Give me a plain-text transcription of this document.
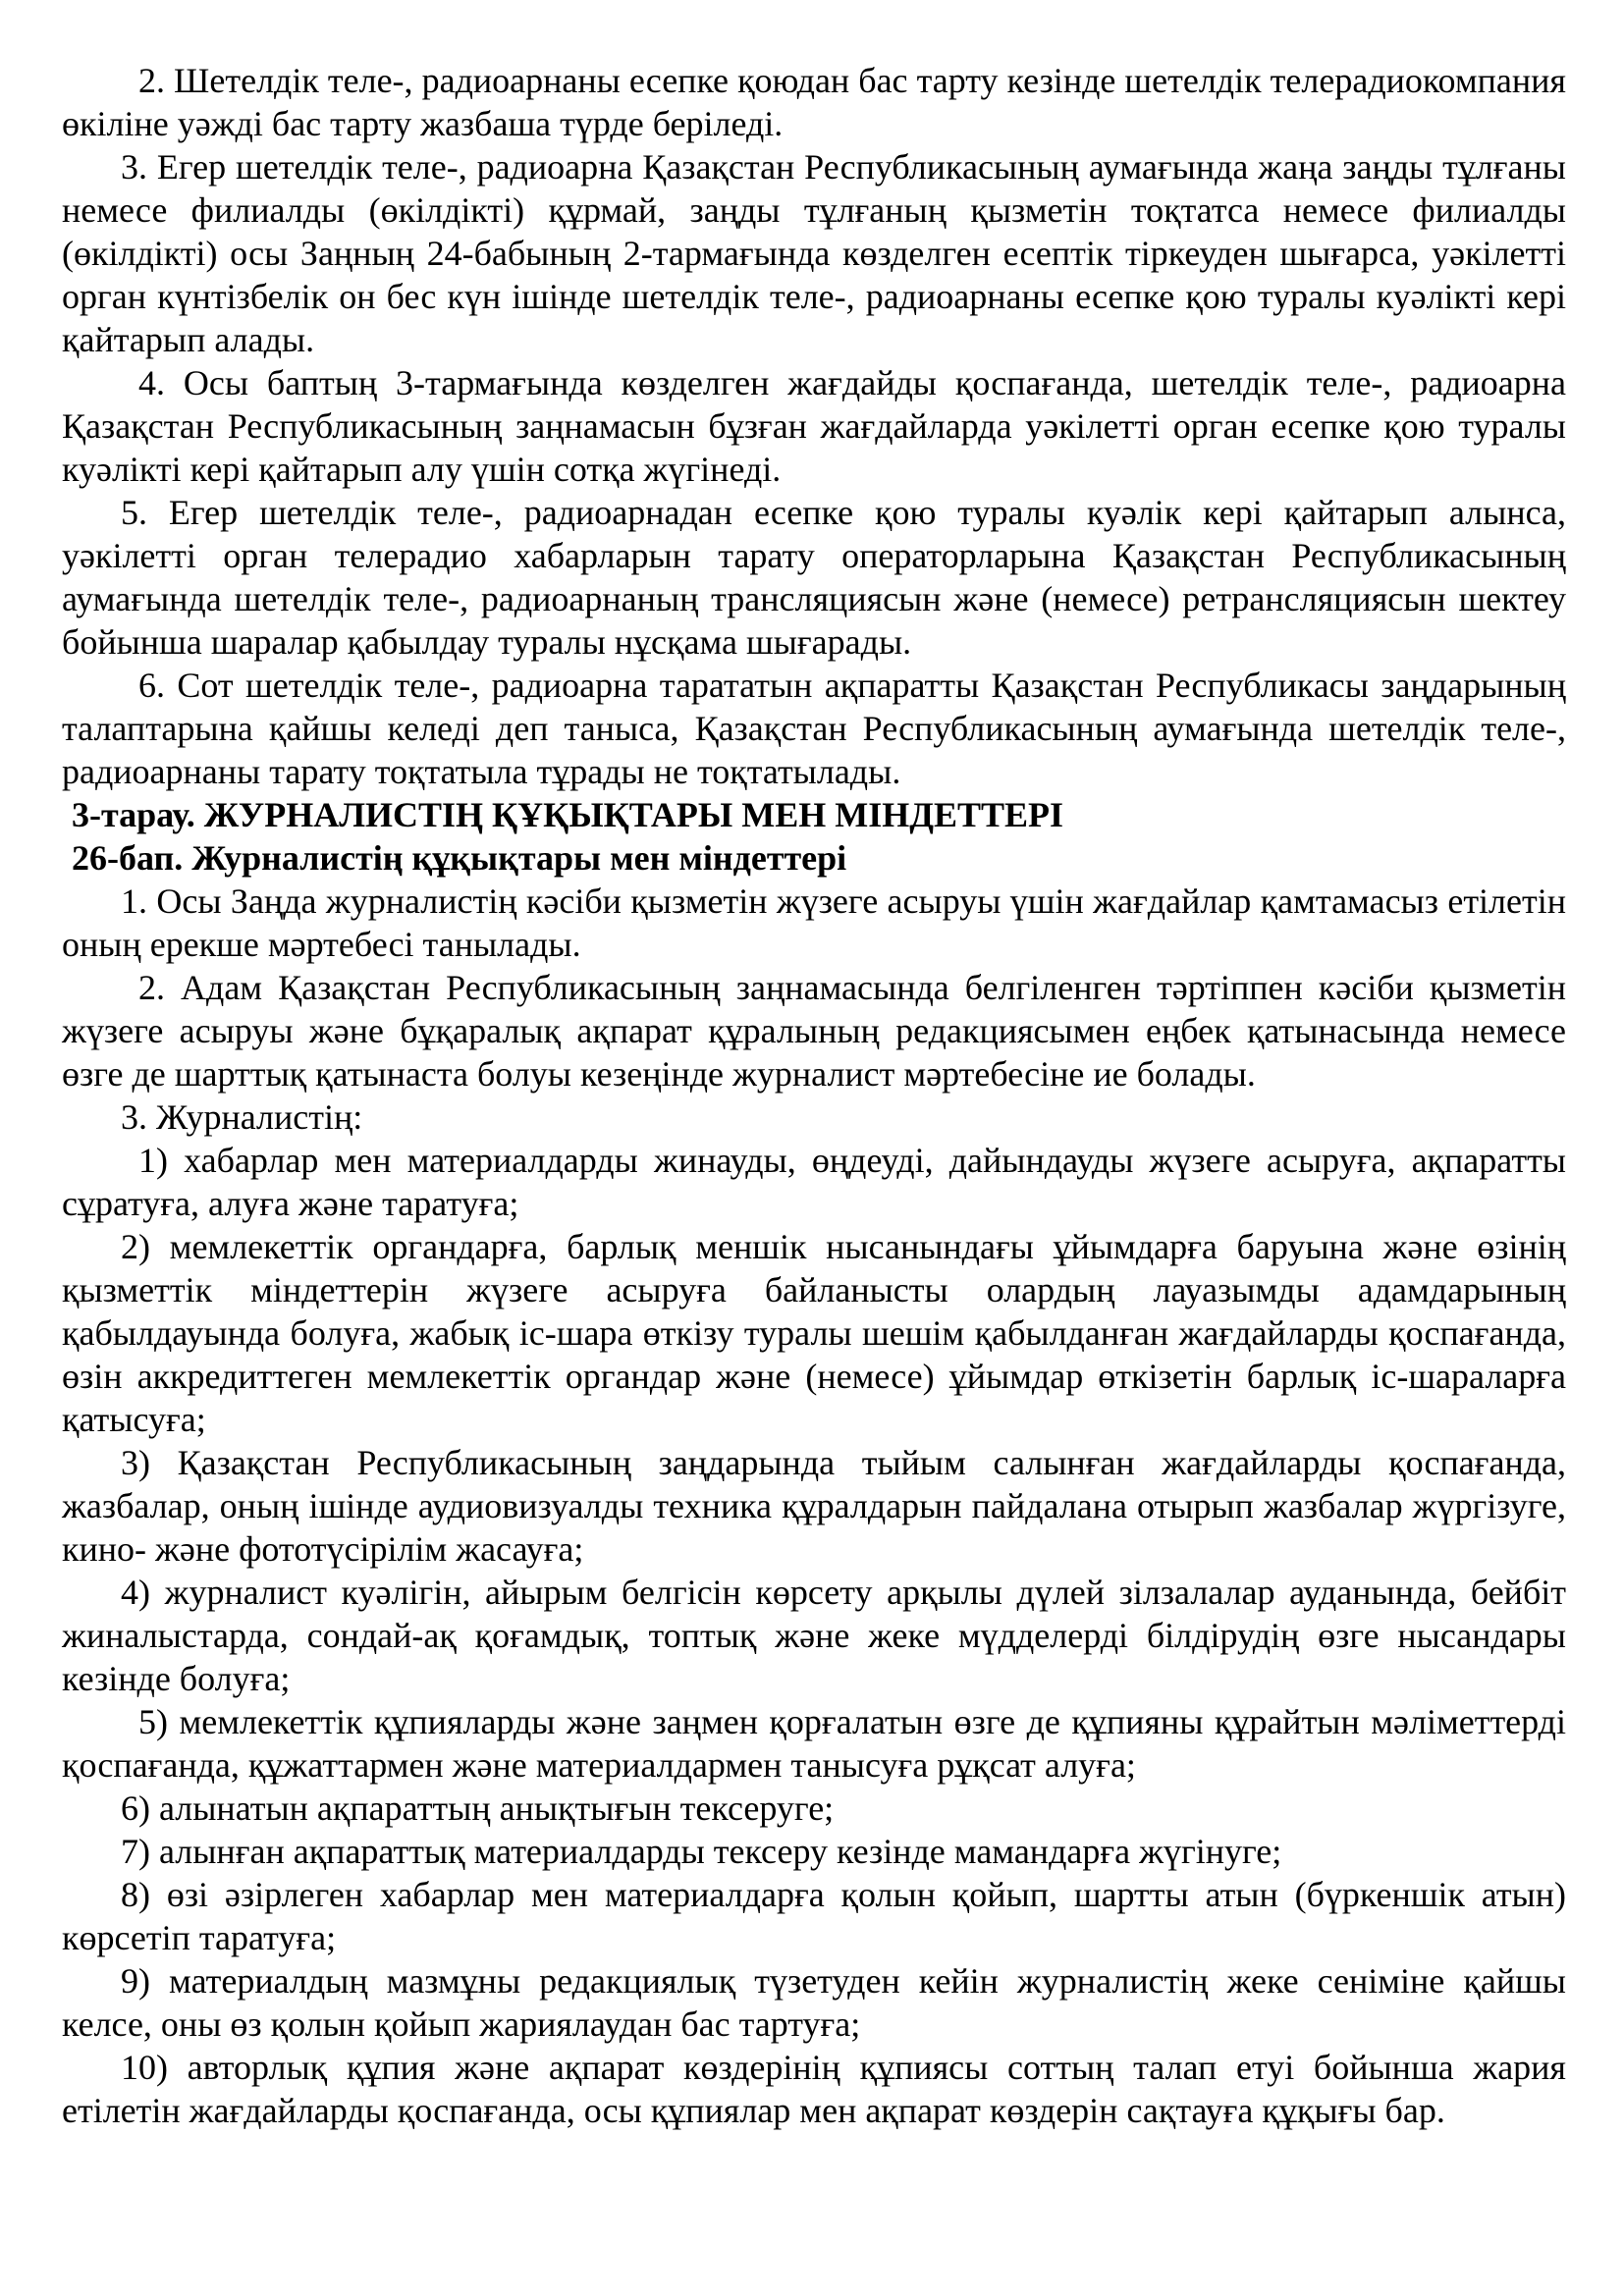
2. Шетелдік теле-, радиоарнаны есепке қоюдан бас тарту кезінде шетелдік телерадиокомпания өкіліне уәжді бас тарту жазбаша түрде беріледі.

3. Егер шетелдік теле-, радиоарна Қазақстан Республикасының аумағында жаңа заңды тұлғаны немесе филиалды (өкілдікті) құрмай, заңды тұлғаның қызметін тоқтатса немесе филиалды (өкілдікті) осы Заңның 24-бабының 2-тармағында көзделген есептік тіркеуден шығарса, уәкілетті орган күнтізбелік он бес күн ішінде шетелдік теле-, радиоарнаны есепке қою туралы куәлікті кері қайтарып алады.

4. Осы баптың 3-тармағында көзделген жағдайды қоспағанда, шетелдік теле-, радиоарна Қазақстан Республикасының заңнамасын бұзған жағдайларда уәкілетті орган есепке қою туралы куәлікті кері қайтарып алу үшін сотқа жүгінеді.

5. Егер шетелдік теле-, радиоарнадан есепке қою туралы куәлік кері қайтарып алынса, уәкілетті орган телерадио хабарларын тарату операторларына Қазақстан Республикасының аумағында шетелдік теле-, радиоарнаның трансляциясын және (немесе) ретрансляциясын шектеу бойынша шаралар қабылдау туралы нұсқама шығарады.

6. Сот шетелдік теле-, радиоарна тарататын ақпаратты Қазақстан Республикасы заңдарының талаптарына қайшы келеді деп таныса, Қазақстан Республикасының аумағында шетелдік теле-, радиоарнаны тарату тоқтатыла тұрады не тоқтатылады.

3-тарау. ЖУРНАЛИСТІҢ ҚҰҚЫҚТАРЫ МЕН МІНДЕТТЕРІ
26-бап. Журналистің құқықтары мен міндеттері

1. Осы Заңда журналистің кәсіби қызметін жүзеге асыруы үшін жағдайлар қамтамасыз етілетін оның ерекше мәртебесі танылады.

2. Адам Қазақстан Республикасының заңнамасында белгіленген тәртіппен кәсіби қызметін жүзеге асыруы және бұқаралық ақпарат құралының редакциясымен еңбек қатынасында немесе өзге де шарттық қатынаста болуы кезеңінде журналист мәртебесіне ие болады.

3. Журналистің:

1) хабарлар мен материалдарды жинауды, өңдеуді, дайындауды жүзеге асыруға, ақпаратты сұратуға, алуға және таратуға;

2) мемлекеттік органдарға, барлық меншік нысанындағы ұйымдарға баруына және өзінің қызметтік міндеттерін жүзеге асыруға байланысты олардың лауазымды адамдарының қабылдауында болуға, жабық іс-шара өткізу туралы шешім қабылданған жағдайларды қоспағанда, өзін аккредиттеген мемлекеттік органдар және (немесе) ұйымдар өткізетін барлық іс-шараларға қатысуға;

3) Қазақстан Республикасының заңдарында тыйым салынған жағдайларды қоспағанда, жазбалар, оның ішінде аудиовизуалды техника құралдарын пайдалана отырып жазбалар жүргізуге, кино- және фототүсірілім жасауға;

4) журналист куәлігін, айырым белгісін көрсету арқылы дүлей зілзалалар ауданында, бейбіт жиналыстарда, сондай-ақ қоғамдық, топтық және жеке мүдделерді білдірудің өзге нысандары кезінде болуға;

5) мемлекеттік құпияларды және заңмен қорғалатын өзге де құпияны құрайтын мәліметтерді қоспағанда, құжаттармен және материалдармен танысуға рұқсат алуға;

6) алынатын ақпараттың анықтығын тексеруге;

7) алынған ақпараттық материалдарды тексеру кезінде мамандарға жүгінуге;

8) өзі әзірлеген хабарлар мен материалдарға қолын қойып, шартты атын (бүркеншік атын) көрсетіп таратуға;

9) материалдың мазмұны редакциялық түзетуден кейін журналистің жеке сеніміне қайшы келсе, оны өз қолын қойып жариялаудан бас тартуға;

10) авторлық құпия және ақпарат көздерінің құпиясы соттың талап етуі бойынша жария етілетін жағдайларды қоспағанда, осы құпиялар мен ақпарат көздерін сақтауға құқығы бар.
